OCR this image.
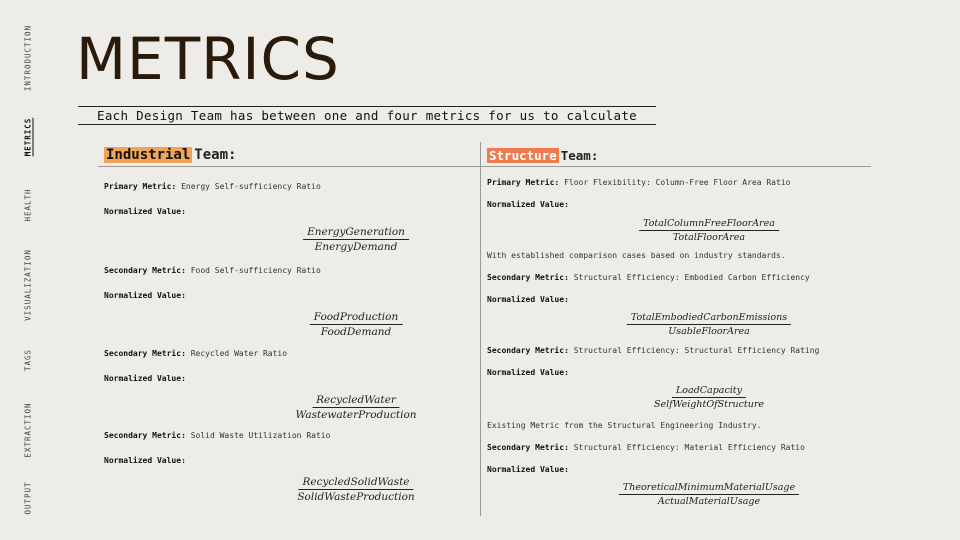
INTRODUCTION
METRICS
HEALTH
VISUALIZATION
TAGS
EXTRACTION
OUTPUT
METRICS
Each Design Team has between one and four metrics for us to calculate
Industrial Team:
Primary Metric: Energy Self-sufficiency Ratio
Normalized Value:
EnergyGeneration
EnergyDemand
Secondary Metric: Food Self-sufficiency Ratio
Normalized Value:
FoodProduction
FoodDemand
Secondary Metric: Recycled Water Ratio
Normalized Value:
RecycledWater
WastewaterProduction
Secondary Metric: Solid Waste Utilization Ratio
Normalized Value:
RecycledSolidWaste
SolidWasteProduction
Structure Team:
Primary Metric: Floor Flexibility: Column-Free Floor Area Ratio
Normalized Value:
TotalColumnFreeFloorArea
TotalFloorArea
With established comparison cases based on industry standards.
Secondary Metric: Structural Efficiency: Embodied Carbon Efficiency
Normalized Value:
TotalEmbodiedCarbonEmissions
UsableFloorArea
Secondary Metric: Structural Efficiency: Structural Efficiency Rating
Normalized Value:
LoadCapacity
SelfWeightOfStructure
Existing Metric from the Structural Engineering Industry.
Secondary Metric: Structural Efficiency: Material Efficiency Ratio
Normalized Value:
TheoreticalMinimumMaterialUsage
ActualMaterialUsage
